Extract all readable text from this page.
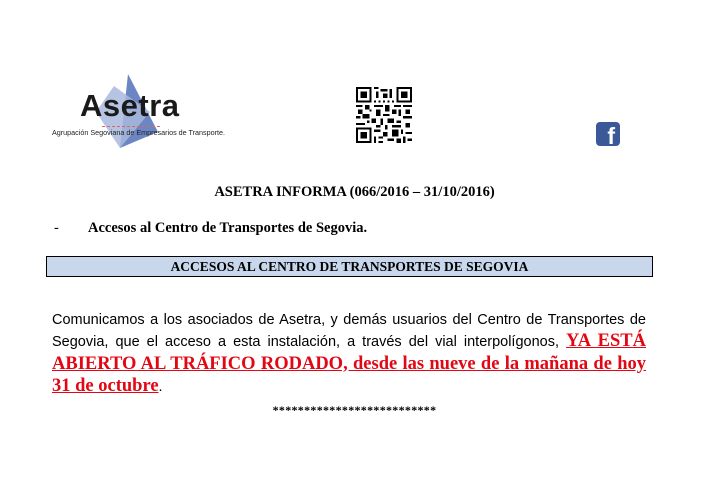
Asetra
Agrupación Segoviana de Empresarios de Transporte.	f
ASETRA INFORMA (066/2016 – 31/10/2016)
- Accesos al Centro de Transportes de Segovia.
ACCESOS AL CENTRO DE TRANSPORTES DE SEGOVIA

Comunicamos a los asociados de Asetra, y demás usuarios del Centro de Transportes de Segovia, que el acceso a esta instalación, a través del vial interpolígonos, YA ESTÁ ABIERTO AL TRÁFICO RODADO, desde las nueve de la mañana de hoy 31 de octubre.

**************************
